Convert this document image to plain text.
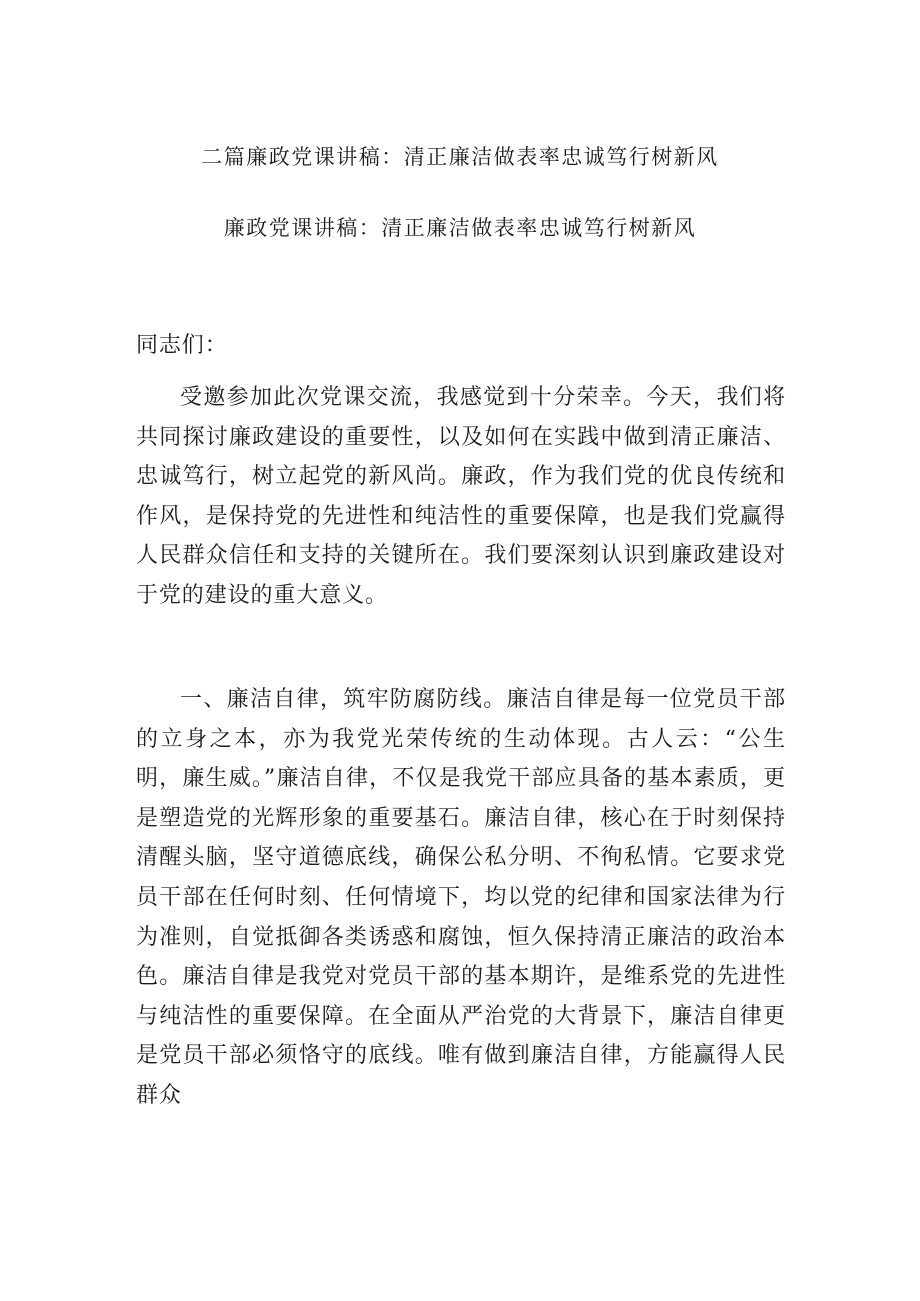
二篇廉政党课讲稿：清正廉洁做表率忠诚笃行树新风
廉政党课讲稿：清正廉洁做表率忠诚笃行树新风

同志们：

受邀参加此次党课交流，我感觉到十分荣幸。今天，我们将共同探讨廉政建设的重要性，以及如何在实践中做到清正廉洁、忠诚笃行，树立起党的新风尚。廉政，作为我们党的优良传统和作风，是保持党的先进性和纯洁性的重要保障，也是我们党赢得人民群众信任和支持的关键所在。我们要深刻认识到廉政建设对于党的建设的重大意义。

一、廉洁自律，筑牢防腐防线。廉洁自律是每一位党员干部的立身之本，亦为我党光荣传统的生动体现。古人云：“公生明，廉生威。”廉洁自律，不仅是我党干部应具备的基本素质，更是塑造党的光辉形象的重要基石。廉洁自律，核心在于时刻保持清醒头脑，坚守道德底线，确保公私分明、不徇私情。它要求党员干部在任何时刻、任何情境下，均以党的纪律和国家法律为行为准则，自觉抵御各类诱惑和腐蚀，恒久保持清正廉洁的政治本色。廉洁自律是我党对党员干部的基本期许，是维系党的先进性与纯洁性的重要保障。在全面从严治党的大背景下，廉洁自律更是党员干部必须恪守的底线。唯有做到廉洁自律，方能赢得人民群众
